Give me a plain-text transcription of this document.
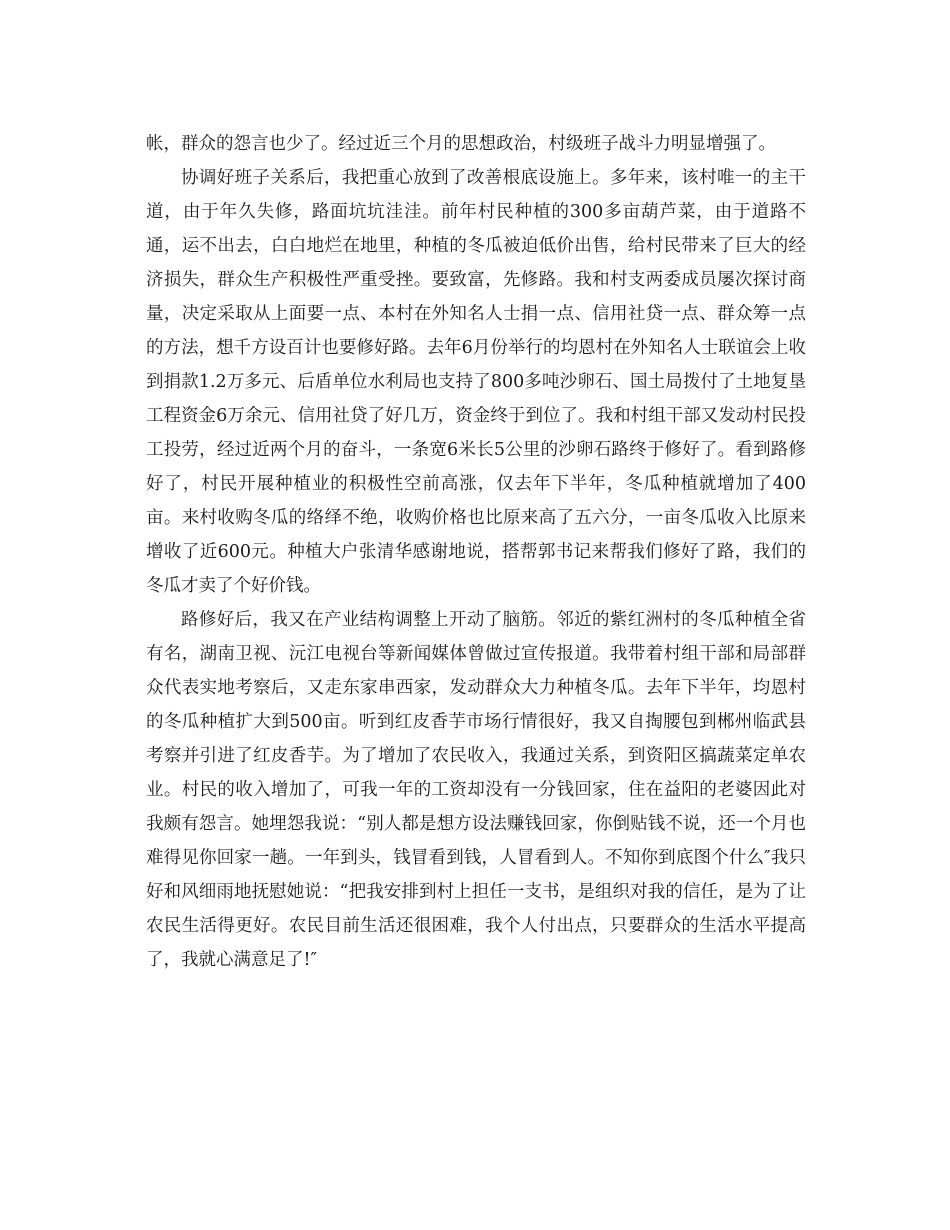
帐，群众的怨言也少了。经过近三个月的思想政治，村级班子战斗力明显增强了。

协调好班子关系后，我把重心放到了改善根底设施上。多年来，该村唯一的主干道，由于年久失修，路面坑坑洼洼。前年村民种植的300多亩葫芦菜，由于道路不通，运不出去，白白地烂在地里，种植的冬瓜被迫低价出售，给村民带来了巨大的经济损失，群众生产积极性严重受挫。要致富，先修路。我和村支两委成员屡次探讨商量，决定采取从上面要一点、本村在外知名人士捐一点、信用社贷一点、群众筹一点的方法，想千方设百计也要修好路。去年6月份举行的均恩村在外知名人士联谊会上收到捐款1.2万多元、后盾单位水利局也支持了800多吨沙卵石、国土局拨付了土地复垦工程资金6万余元、信用社贷了好几万，资金终于到位了。我和村组干部又发动村民投工投劳，经过近两个月的奋斗，一条宽6米长5公里的沙卵石路终于修好了。看到路修好了，村民开展种植业的积极性空前高涨，仅去年下半年，冬瓜种植就增加了400亩。来村收购冬瓜的络绎不绝，收购价格也比原来高了五六分，一亩冬瓜收入比原来增收了近600元。种植大户张清华感谢地说，搭帮郭书记来帮我们修好了路，我们的冬瓜才卖了个好价钱。

路修好后，我又在产业结构调整上开动了脑筋。邻近的紫红洲村的冬瓜种植全省有名，湖南卫视、沅江电视台等新闻媒体曾做过宣传报道。我带着村组干部和局部群众代表实地考察后，又走东家串西家，发动群众大力种植冬瓜。去年下半年，均恩村的冬瓜种植扩大到500亩。听到红皮香芋市场行情很好，我又自掏腰包到郴州临武县考察并引进了红皮香芋。为了增加了农民收入，我通过关系，到资阳区搞蔬菜定单农业。村民的收入增加了，可我一年的工资却没有一分钱回家，住在益阳的老婆因此对我颇有怨言。她埋怨我说：“别人都是想方设法赚钱回家，你倒贴钱不说，还一个月也难得见你回家一趟。一年到头，钱冒看到钱，人冒看到人。不知你到底图个什么″我只好和风细雨地抚慰她说：“把我安排到村上担任一支书，是组织对我的信任，是为了让农民生活得更好。农民目前生活还很困难，我个人付出点，只要群众的生活水平提高了，我就心满意足了!″
